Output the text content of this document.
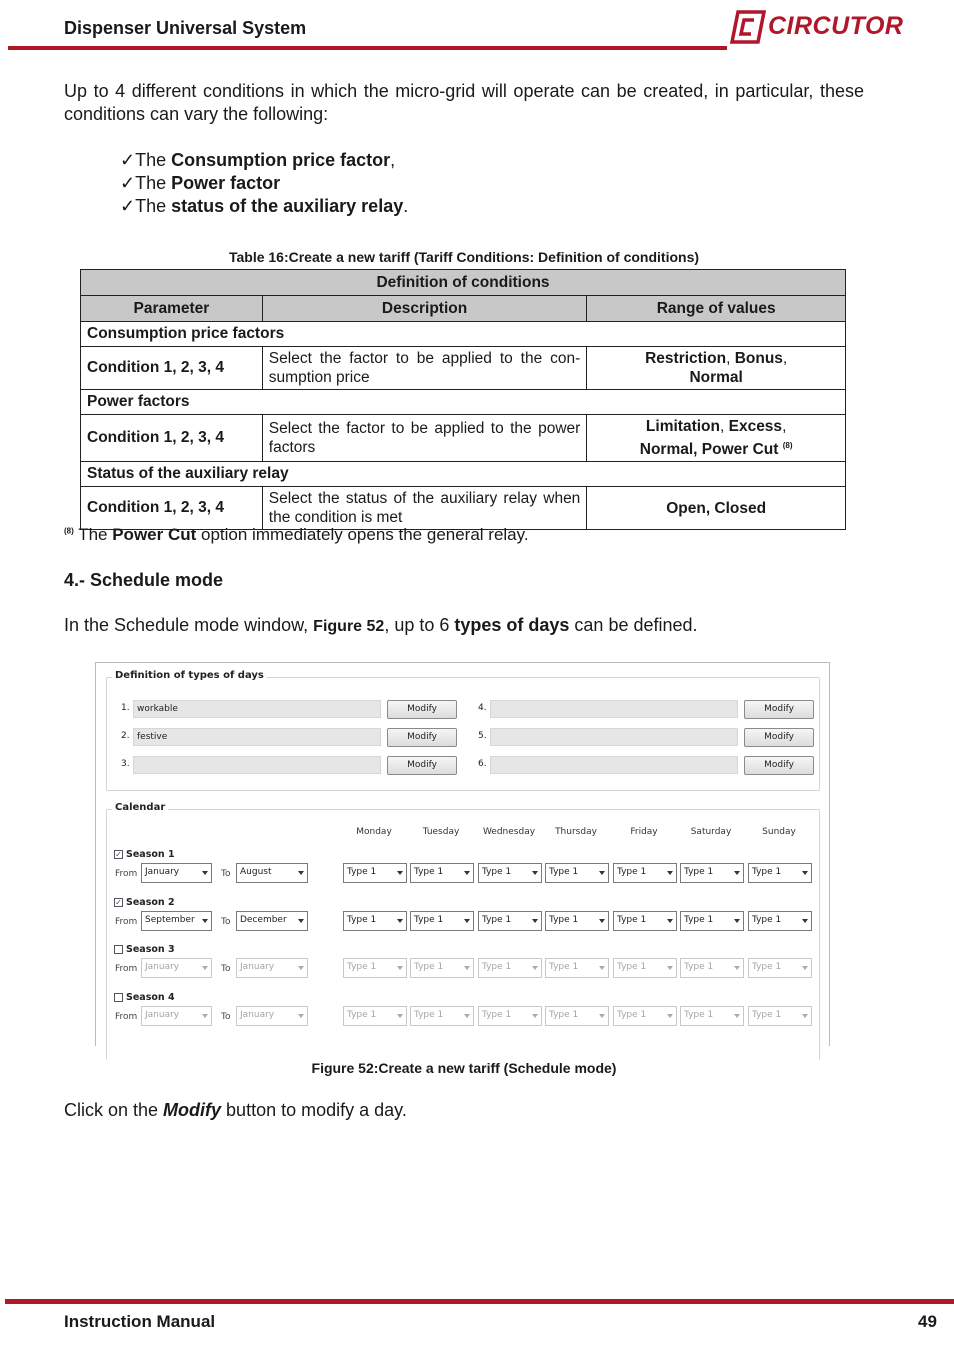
Dispenser Universal System	CIRCUTOR
Up to 4 different conditions in which the micro-grid will operate can be created, in particular, these conditions can vary the following:
✓The Consumption price factor,
✓The Power factor
✓The status of the auxiliary relay.
Table 16:Create a new tariff (Tariff Conditions: Definition of conditions)
Definition of conditions		
Parameter	Description	Range of values
Consumption price factors		
Condition 1, 2, 3, 4	Select the factor to be applied to the con-sumption price	Restriction, Bonus,
Normal
Power factors		
Condition 1, 2, 3, 4	Select the factor to be applied to the power factors	Limitation, Excess,
Normal, Power Cut $^{(8)}$
Status of the auxiliary relay		
Condition 1, 2, 3, 4	Select the status of the auxiliary relay when the condition is met	Open, Closed
$^{(8)}$ The Power Cut option immediately opens the general relay.
4.- Schedule mode
In the Schedule mode window, Figure 52, up to 6 types of days can be defined.
Definition of types of days
Calendar
1. workable	Modify
2. festive	Modify
3.	Modify
4.	Modify
5.	Modify
6.	Modify
Monday	Tuesday	Wednesday	Thursday	Friday	Saturday	Sunday
✓ Season 1
From January	To	August	Type 1	Type 1	Type 1	Type 1	Type 1	Type 1	Type 1
✓ Season 2
From September	To	December	Type 1	Type 1	Type 1	Type 1	Type 1	Type 1	Type 1
Season 3
From January	To	January	Type 1	Type 1	Type 1	Type 1	Type 1	Type 1	Type 1
Season 4
From January	To	January	Type 1	Type 1	Type 1	Type 1	Type 1	Type 1	Type 1
Figure 52:Create a new tariff (Schedule mode)
Click on the Modify button to modify a day.
Instruction Manual	49
